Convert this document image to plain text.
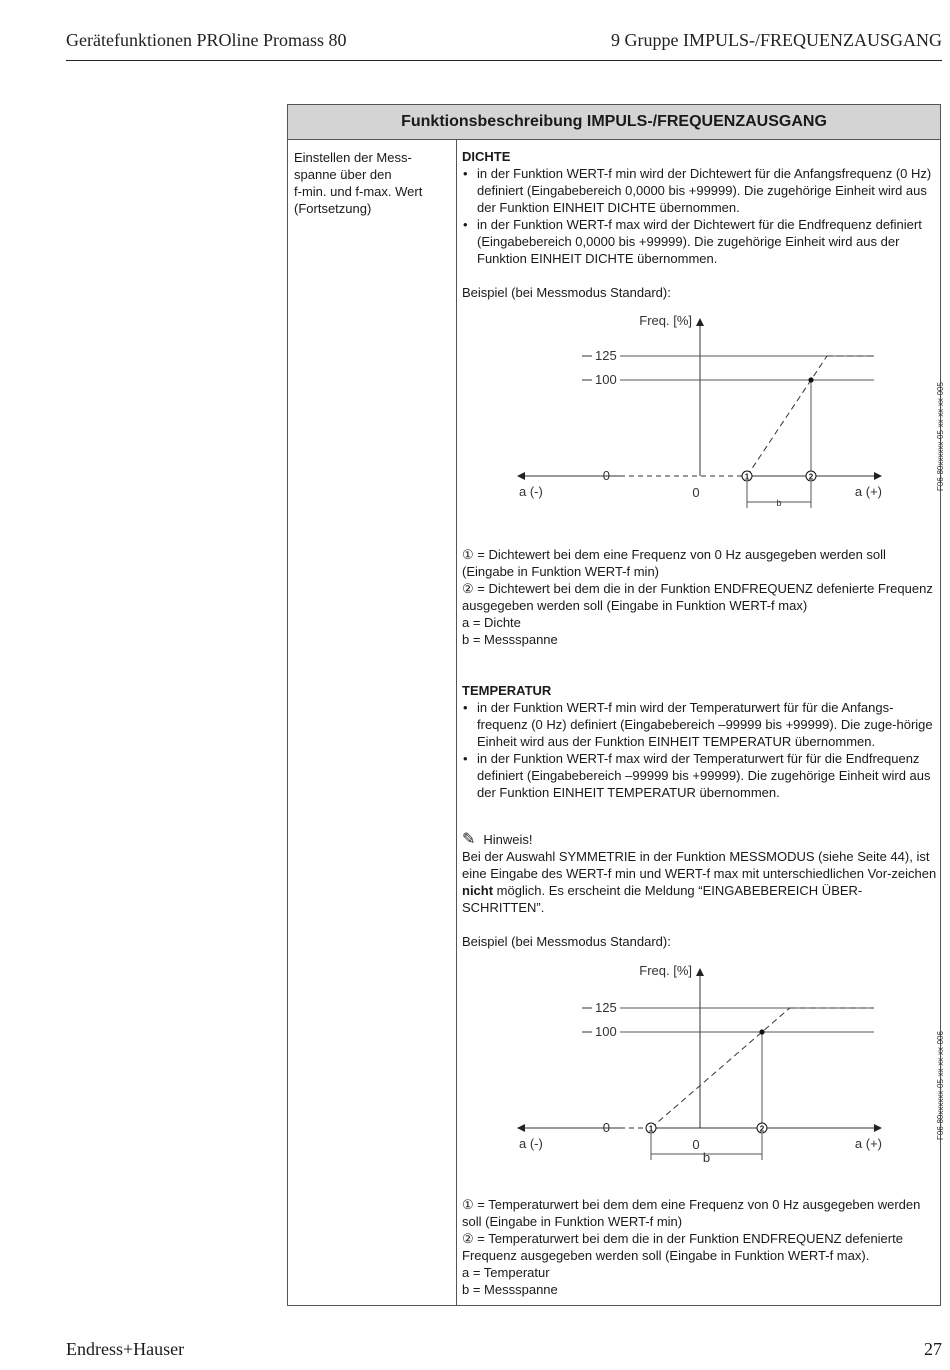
Gerätefunktionen PROline Promass 80	9 Gruppe IMPULS-/FREQUENZAUSGANG
Funktionsbeschreibung IMPULS-/FREQUENZAUSGANG
Einstellen der Mess-
spanne über den
f-min. und f-max. Wert
(Fortsetzung)
DICHTE
• in der Funktion WERT-f min wird der Dichtewert für die Anfangsfrequenz (0 Hz) definiert (Eingabebereich 0,0000 bis +99999). Die zugehörige Einheit wird aus der Funktion EINHEIT DICHTE übernommen.
• in der Funktion WERT-f max wird der Dichtewert für die Endfrequenz definiert (Eingabebereich 0,0000 bis +99999). Die zugehörige Einheit wird aus der Funktion EINHEIT DICHTE übernommen.

Beispiel (bei Messmodus Standard):

Freq. [%]
0
125
100
1	2
b
a (-)	a (+)
0
F06-80xxxxxx-05-xx-xx-xx-005

① = Dichtewert bei dem eine Frequenz von 0 Hz ausgegeben werden soll (Eingabe in Funktion WERT-f min)

② = Dichtewert bei dem die in der Funktion ENDFREQUENZ defenierte Frequenz ausgegeben werden soll (Eingabe in Funktion WERT-f max)

a = Dichte

b = Messspanne

TEMPERATUR
• in der Funktion WERT-f min wird der Temperaturwert für für die Anfangs-frequenz (0 Hz) definiert (Eingabebereich –99999 bis +99999). Die zuge-hörige Einheit wird aus der Funktion EINHEIT TEMPERATUR übernommen.
• in der Funktion WERT-f max wird der Temperaturwert für für die Endfrequenz definiert (Eingabebereich –99999 bis +99999). Die zugehörige Einheit wird aus der Funktion EINHEIT TEMPERATUR übernommen.
✎ Hinweis!

Bei der Auswahl SYMMETRIE in der Funktion MESSMODUS (siehe Seite 44), ist eine Eingabe des WERT-f min und WERT-f max mit unterschiedlichen Vor-zeichen nicht möglich. Es erscheint die Meldung “EINGABEBEREICH ÜBER-SCHRITTEN”.

Beispiel (bei Messmodus Standard):

Freq. [%]
0
125
100
1	2
b
a (-)	a (+)
0
F06-80xxxxxx-05-xx-xx-xx-006

① = Temperaturwert bei dem dem eine Frequenz von 0 Hz ausgegeben werden soll (Eingabe in Funktion WERT-f min)

② = Temperaturwert bei dem die in der Funktion ENDFREQUENZ defenierte Frequenz ausgegeben werden soll (Eingabe in Funktion WERT-f max).

a = Temperatur

b = Messspanne

Endress+Hauser	27
